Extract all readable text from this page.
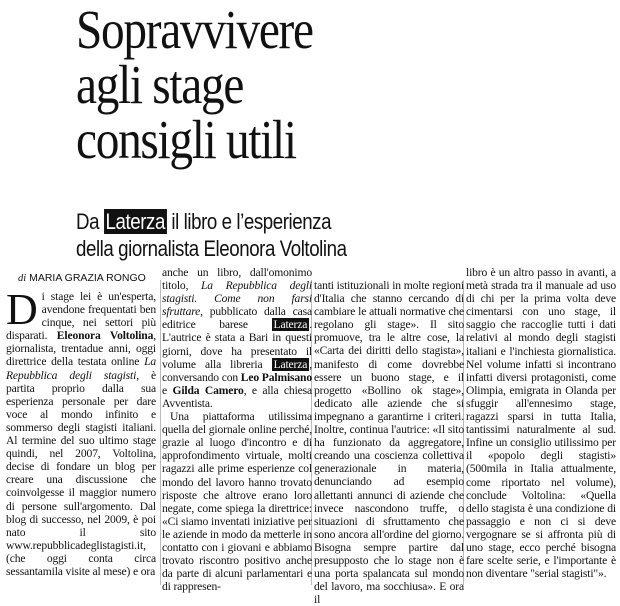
Sopravvivere
agli stage
consigli utili
Da Laterza il libro e l’esperienza
della giornalista Eleonora Voltolina
di MARIA GRAZIA RONGO

Di stage lei è un'esperta, avendone frequentati ben cinque, nei settori più disparati. Eleonora Voltolina, giornalista, trentadue anni, oggi direttrice della testata online La Repubblica degli stagisti, è partita proprio dalla sua esperienza personale per dare voce al mondo infinito e sommerso degli stagisti italiani. Al termine del suo ultimo stage quindi, nel 2007, Voltolina, decise di fondare un blog per creare una discussione che coinvolgesse il maggior numero di persone sull'argomento. Dal blog di successo, nel 2009, è poi nato il sito www.repubblicadeglistagisti.it, (che oggi conta circa sessantamila visite al mese) e ora

anche un libro, dall'omonimo titolo, La Repubblica degli stagisti. Come non farsi sfruttare, pubblicato dalla casa editrice barese Laterza . L'autrice è stata a Bari in questi giorni, dove ha presentato il volume alla libreria Laterza , conversando con Leo Palmisano e Gilda Camero, e alla chiesa Avventista.

Una piattaforma utilissima quella del giornale online perché, grazie al luogo d'incontro e di approfondimento virtuale, molti ragazzi alle prime esperienze col mondo del lavoro hanno trovato risposte che altrove erano loro negate, come spiega la direttrice: «Ci siamo inventati iniziative per le aziende in modo da metterle in contatto con i giovani e abbiamo trovato riscontro positivo anche da parte di alcuni parlamentari e di rappresen-

tanti istituzionali in molte regioni d'Italia che stanno cercando di cambiare le attuali normative che regolano gli stage». Il sito promuove, tra le altre cose, la «Carta dei diritti dello stagista», manifesto di come dovrebbe essere un buono stage, e il progetto «Bollino ok stage», dedicato alle aziende che si impegnano a garantirne i criteri. Inoltre, continua l'autrice: «Il sito ha funzionato da aggregatore, creando una coscienza collettiva generazionale in materia, denunciando ad esempio allettanti annunci di aziende che invece nascondono truffe, o situazioni di sfruttamento che sono ancora all'ordine del giorno. Bisogna sempre partire dal presupposto che lo stage non è una porta spalancata sul mondo del lavoro, ma socchiusa». E ora il

libro è un altro passo in avanti, a metà strada tra il manuale ad uso di chi per la prima volta deve cimentarsi con uno stage, il saggio che raccoglie tutti i dati relativi al mondo degli stagisti italiani e l'inchiesta giornalistica. Nel volume infatti si incontrano infatti diversi protagonisti, come Olimpia, emigrata in Olanda per sfuggir all'ennesimo stage, ragazzi sparsi in tutta Italia, tantissimi naturalmente al sud. Infine un consiglio utilissimo per il «popolo degli stagisti» (500mila in Italia attualmente, come riportato nel volume), conclude Voltolina: «Quella dello stagista è una condizione di passaggio e non ci si deve vergognare se si affronta più di uno stage, ecco perché bisogna fare scelte serie, e l'importante è non diventare "serial stagisti"».
